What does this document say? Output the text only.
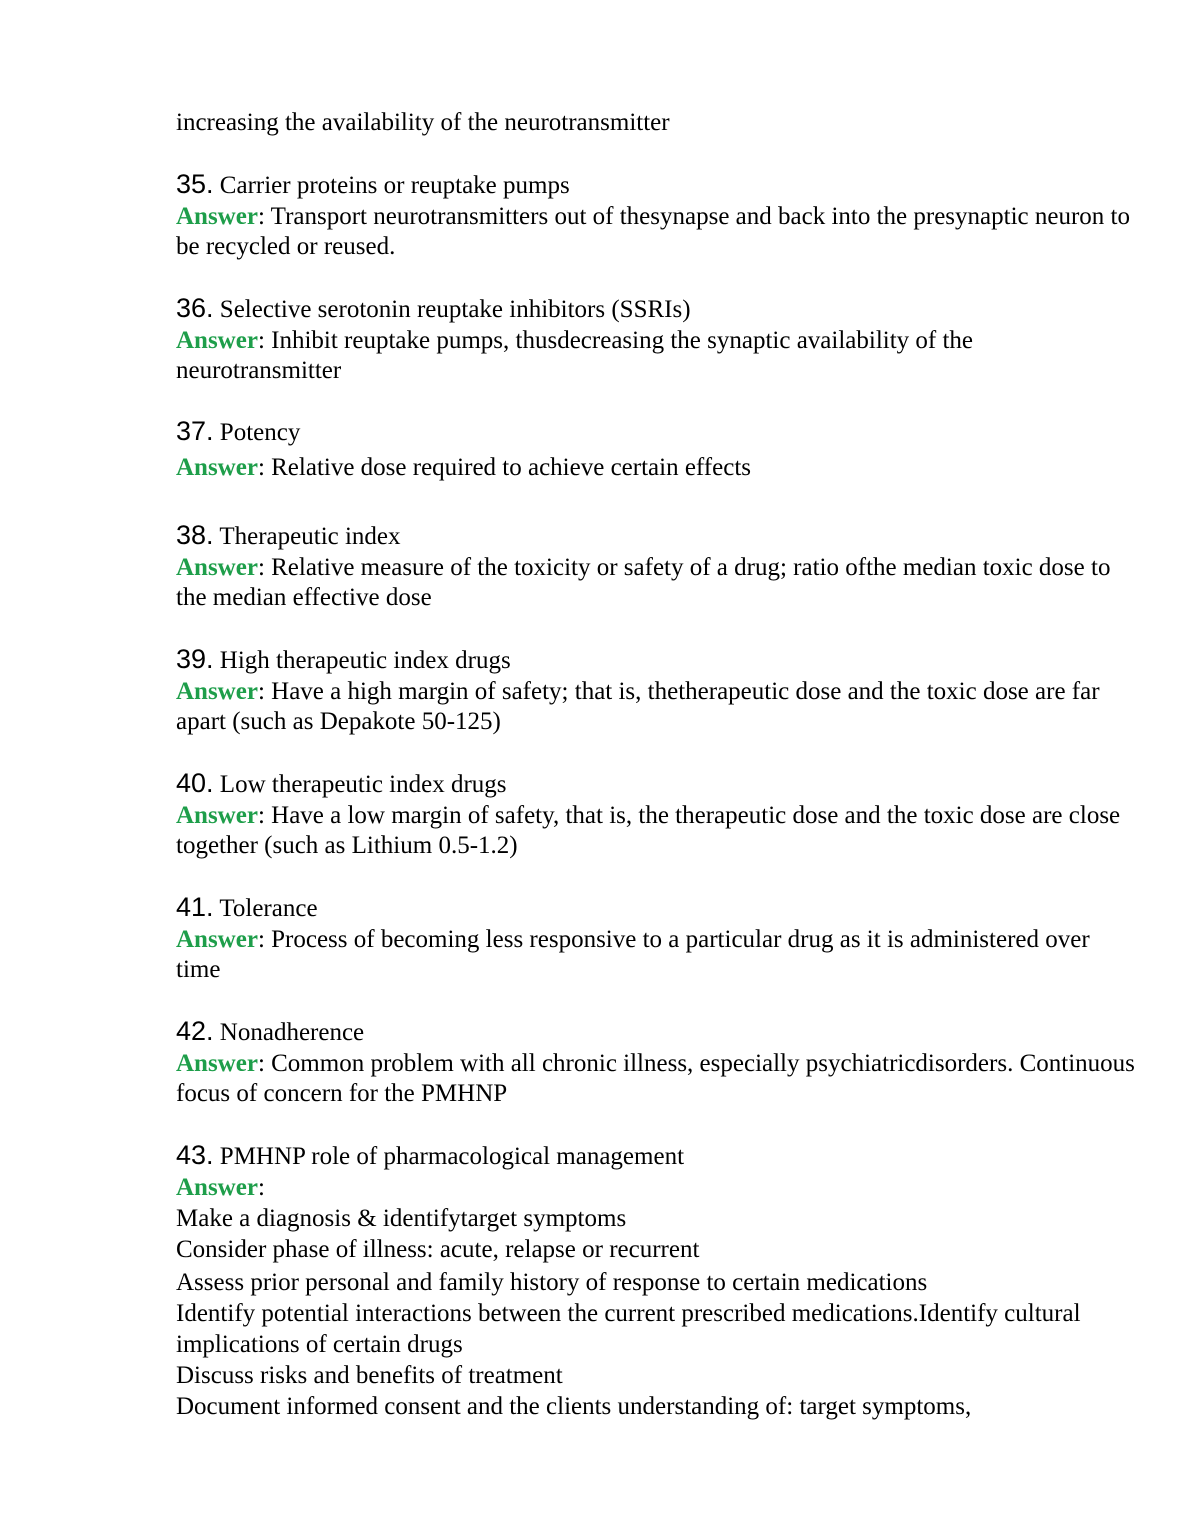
increasing the availability of the neurotransmitter

35. Carrier proteins or reuptake pumps

Answer: Transport neurotransmitters out of thesynapse and back into the presynaptic neuron to be recycled or reused.

36. Selective serotonin reuptake inhibitors (SSRIs)

Answer: Inhibit reuptake pumps, thusdecreasing the synaptic availability of the neurotransmitter

37. Potency

Answer: Relative dose required to achieve certain effects

38. Therapeutic index

Answer: Relative measure of the toxicity or safety of a drug; ratio ofthe median toxic dose to the median effective dose

39. High therapeutic index drugs

Answer: Have a high margin of safety; that is, thetherapeutic dose and the toxic dose are far apart (such as Depakote 50-125)

40. Low therapeutic index drugs

Answer: Have a low margin of safety, that is, the therapeutic dose and the toxic dose are close together (such as Lithium 0.5-1.2)

41. Tolerance

Answer: Process of becoming less responsive to a particular drug as it is administered over time

42. Nonadherence

Answer: Common problem with all chronic illness, especially psychiatricdisorders. Continuous focus of concern for the PMHNP

43. PMHNP role of pharmacological management

Answer:

Make a diagnosis & identifytarget symptoms
Consider phase of illness: acute, relapse or recurrent
Assess prior personal and family history of response to certain medications
Identify potential interactions between the current prescribed medications.Identify cultural implications of certain drugs
Discuss risks and benefits of treatment
Document informed consent and the clients understanding of: target symptoms,
